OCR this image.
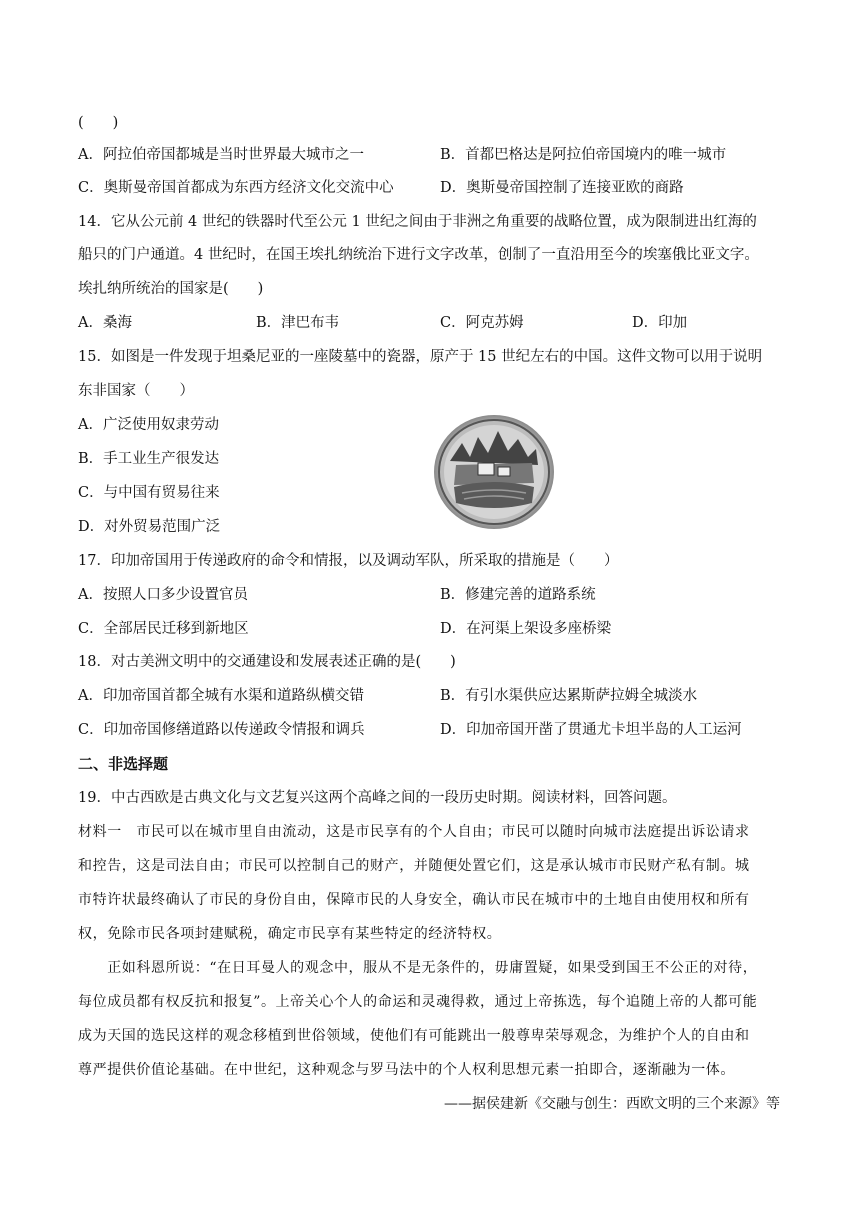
(　　)
A．阿拉伯帝国都城是当时世界最大城市之一	B．首都巴格达是阿拉伯帝国境内的唯一城市
C．奥斯曼帝国首都成为东西方经济文化交流中心	D．奥斯曼帝国控制了连接亚欧的商路
14．它从公元前 4 世纪的铁器时代至公元 1 世纪之间由于非洲之角重要的战略位置，成为限制进出红海的
船只的门户通道。4 世纪时，在国王埃扎纳统治下进行文字改革，创制了一直沿用至今的埃塞俄比亚文字。
埃扎纳所统治的国家是(　　)
A．桑海	B．津巴布韦	C．阿克苏姆	D．印加
15．如图是一件发现于坦桑尼亚的一座陵墓中的瓷器，原产于 15 世纪左右的中国。这件文物可以用于说明
东非国家（　　）
A．广泛使用奴隶劳动
B．手工业生产很发达
C．与中国有贸易往来
D．对外贸易范围广泛
17．印加帝国用于传递政府的命令和情报，以及调动军队，所采取的措施是（　　）
A．按照人口多少设置官员	B．修建完善的道路系统
C．全部居民迁移到新地区	D．在河渠上架设多座桥梁
18．对古美洲文明中的交通建设和发展表述正确的是(　　)
A．印加帝国首都全城有水渠和道路纵横交错	B．有引水渠供应达累斯萨拉姆全城淡水
C．印加帝国修缮道路以传递政令情报和调兵	D．印加帝国开凿了贯通尤卡坦半岛的人工运河
二、非选择题
19．中古西欧是古典文化与文艺复兴这两个高峰之间的一段历史时期。阅读材料，回答问题。
材料一　市民可以在城市里自由流动，这是市民享有的个人自由；市民可以随时向城市法庭提出诉讼请求
和控告，这是司法自由；市民可以控制自己的财产，并随便处置它们，这是承认城市市民财产私有制。城
市特许状最终确认了市民的身份自由，保障市民的人身安全，确认市民在城市中的土地自由使用权和所有
权，免除市民各项封建赋税，确定市民享有某些特定的经济特权。
　　正如科恩所说：“在日耳曼人的观念中，服从不是无条件的，毋庸置疑，如果受到国王不公正的对待，
每位成员都有权反抗和报复”。上帝关心个人的命运和灵魂得救，通过上帝拣选，每个追随上帝的人都可能
成为天国的选民这样的观念移植到世俗领域，使他们有可能跳出一般尊卑荣辱观念，为维护个人的自由和
尊严提供价值论基础。在中世纪，这种观念与罗马法中的个人权利思想元素一拍即合，逐渐融为一体。
——据侯建新《交融与创生：西欧文明的三个来源》等
